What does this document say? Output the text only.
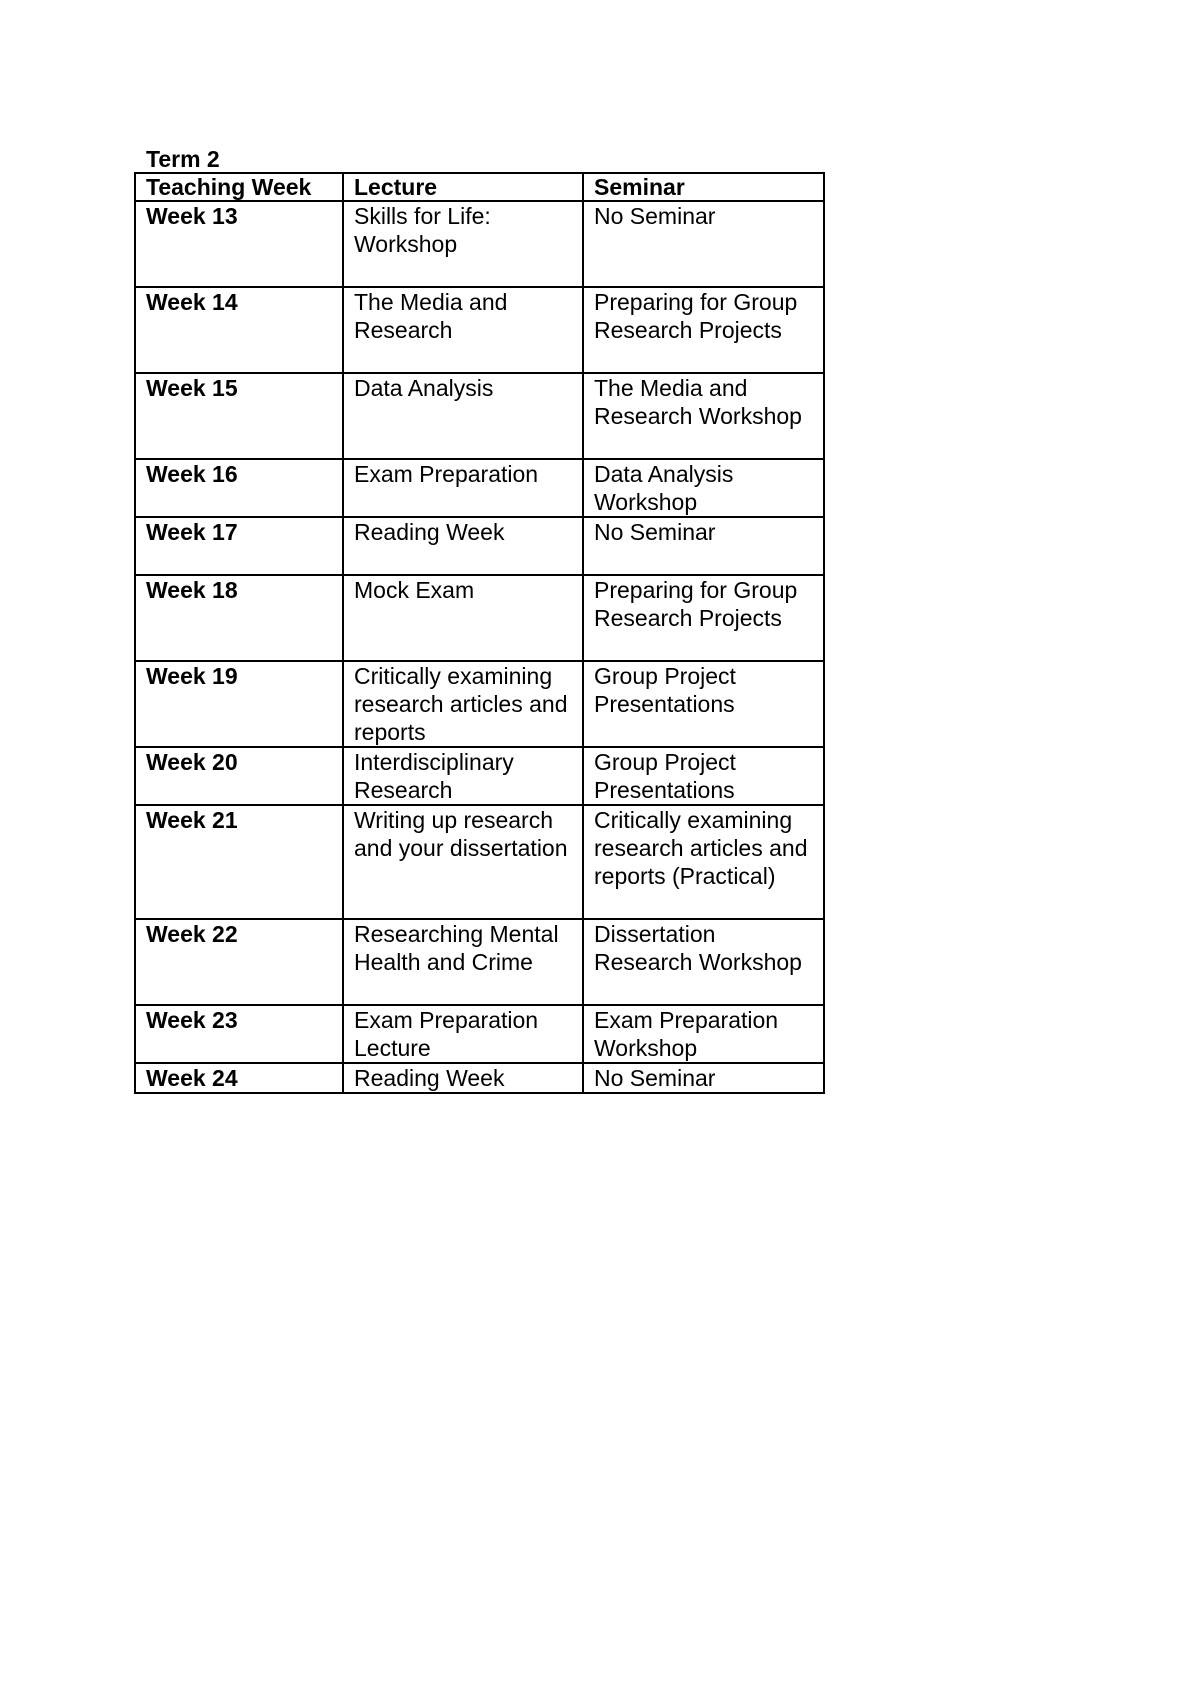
Term 2

Teaching Week	Lecture	Seminar
Week 13	Skills for Life: Workshop	No Seminar
Week 14	The Media and Research	Preparing for Group Research Projects
Week 15	Data Analysis	The Media and Research Workshop
Week 16	Exam Preparation	Data Analysis Workshop
Week 17	Reading Week	No Seminar
Week 18	Mock Exam	Preparing for Group Research Projects
Week 19	Critically examining research articles and reports	Group Project Presentations
Week 20	Interdisciplinary Research	Group Project Presentations
Week 21	Writing up research and your dissertation	Critically examining research articles and reports (Practical)
Week 22	Researching Mental Health and Crime	Dissertation Research Workshop
Week 23	Exam Preparation Lecture	Exam Preparation Workshop
Week 24	Reading Week	No Seminar
